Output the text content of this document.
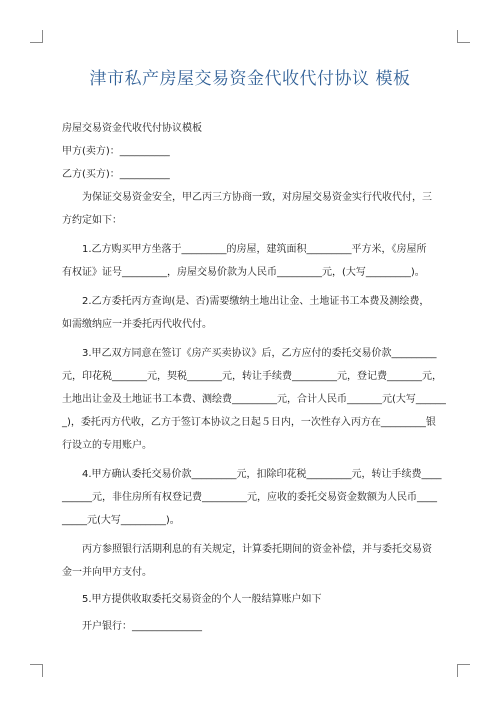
津市私产房屋交易资金代收代付协议 模板

房屋交易资金代收代付协议模板

甲方(卖方)：__________

乙方(买方)：__________

为保证交易资金安全，甲乙丙三方协商一致，对房屋交易资金实行代收代付，三

方约定如下：

1.乙方购买甲方坐落于_________的房屋，建筑面积_________平方米，《房屋所

有权证》证号_________，房屋交易价款为人民币_________元，(大写_________)。

2.乙方委托丙方查询(是、否)需要缴纳土地出让金、土地证书工本费及测绘费，

如需缴纳应一并委托丙代收代付。

3.甲乙双方同意在签订《房产买卖协议》后，乙方应付的委托交易价款_________

元，印花税_______元，契税_______元，转让手续费_________元，登记费_______元，

土地出让金及土地证书工本费、测绘费_________元，合计人民币_______元(大写______

_)，委托丙方代收，乙方于签订本协议之日起５日内，一次性存入丙方在_________银

行设立的专用账户。

4.甲方确认委托交易价款_________元，扣除印花税_________元，转让手续费____

______元，非住房所有权登记费_________元，应收的委托交易资金数额为人民币____

_____元(大写_________)。

丙方参照银行活期利息的有关规定，计算委托期间的资金补偿，并与委托交易资

金一并向甲方支付。

5.甲方提供收取委托交易资金的个人一般结算账户如下

开户银行：______________
